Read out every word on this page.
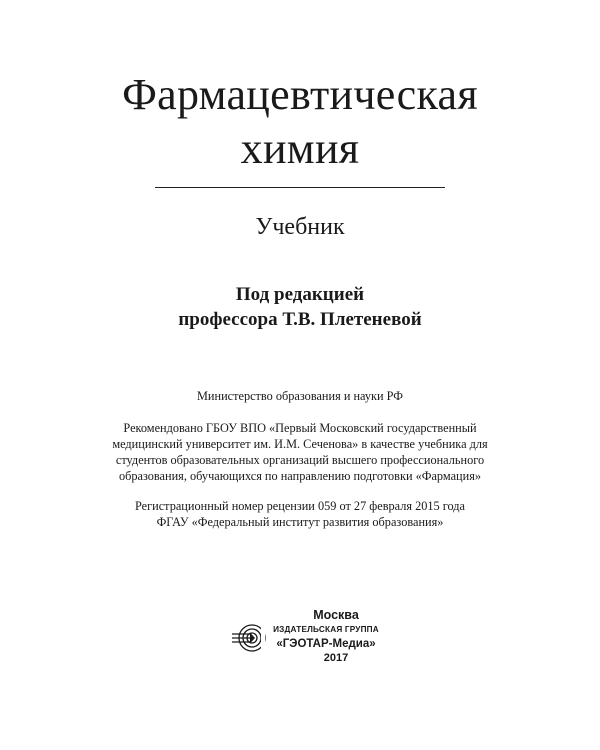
Фармацевтическая
химия
Учебник
Под редакцией
профессора Т.В. Плетеневой
Министерство образования и науки РФ
Рекомендовано ГБОУ ВПО «Первый Московский государственный
медицинский университет им. И.М. Сеченова» в качестве учебника для
студентов образовательных организаций высшего профессионального
образования, обучающихся по направлению подготовки «Фармация»
Регистрационный номер рецензии 059 от 27 февраля 2015 года
ФГАУ «Федеральный институт развития образования»
Москва
ИЗДАТЕЛЬСКАЯ ГРУППА
«ГЭОТАР-Медиа»
2017
